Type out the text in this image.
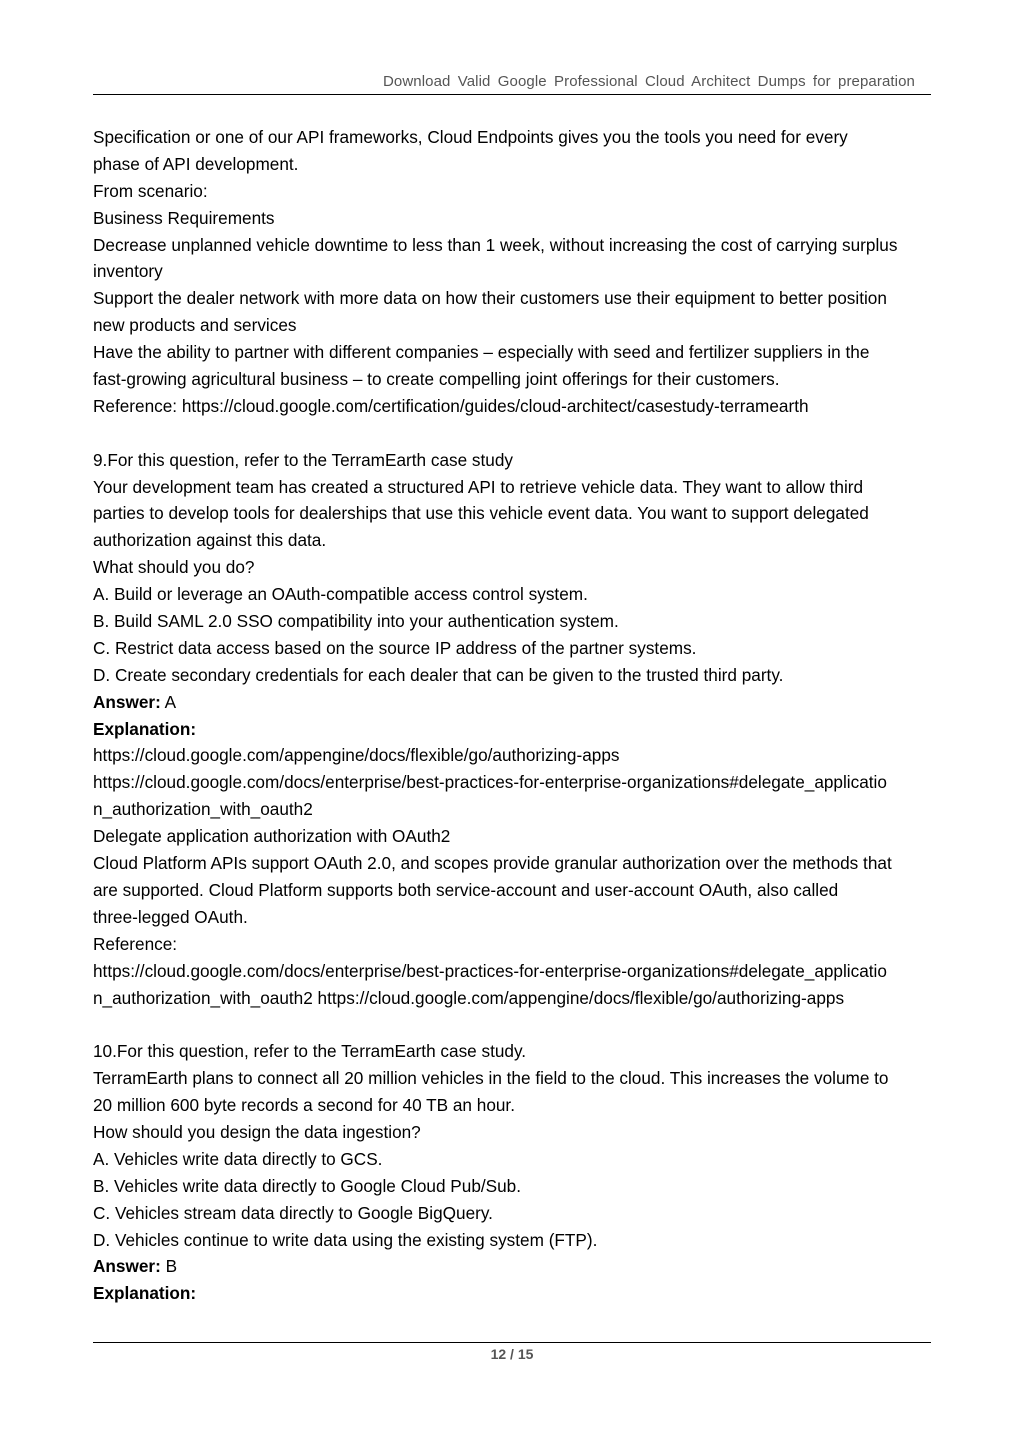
Download Valid Google Professional Cloud Architect Dumps for preparation
Specification or one of our API frameworks, Cloud Endpoints gives you the tools you need for every
phase of API development.
From scenario:
Business Requirements
Decrease unplanned vehicle downtime to less than 1 week, without increasing the cost of carrying surplus
inventory
Support the dealer network with more data on how their customers use their equipment to better position
new products and services
Have the ability to partner with different companies – especially with seed and fertilizer suppliers in the
fast-growing agricultural business – to create compelling joint offerings for their customers.
Reference: https://cloud.google.com/certification/guides/cloud-architect/casestudy-terramearth
9.For this question, refer to the TerramEarth case study
Your development team has created a structured API to retrieve vehicle data. They want to allow third
parties to develop tools for dealerships that use this vehicle event data. You want to support delegated
authorization against this data.
What should you do?
A. Build or leverage an OAuth-compatible access control system.
B. Build SAML 2.0 SSO compatibility into your authentication system.
C. Restrict data access based on the source IP address of the partner systems.
D. Create secondary credentials for each dealer that can be given to the trusted third party.
Answer: A
Explanation:
https://cloud.google.com/appengine/docs/flexible/go/authorizing-apps
https://cloud.google.com/docs/enterprise/best-practices-for-enterprise-organizations#delegate_applicatio
n_authorization_with_oauth2
Delegate application authorization with OAuth2
Cloud Platform APIs support OAuth 2.0, and scopes provide granular authorization over the methods that
are supported. Cloud Platform supports both service-account and user-account OAuth, also called
three-legged OAuth.
Reference:
https://cloud.google.com/docs/enterprise/best-practices-for-enterprise-organizations#delegate_applicatio
n_authorization_with_oauth2 https://cloud.google.com/appengine/docs/flexible/go/authorizing-apps
10.For this question, refer to the TerramEarth case study.
TerramEarth plans to connect all 20 million vehicles in the field to the cloud. This increases the volume to
20 million 600 byte records a second for 40 TB an hour.
How should you design the data ingestion?
A. Vehicles write data directly to GCS.
B. Vehicles write data directly to Google Cloud Pub/Sub.
C. Vehicles stream data directly to Google BigQuery.
D. Vehicles continue to write data using the existing system (FTP).
Answer: B
Explanation:
12 / 15
